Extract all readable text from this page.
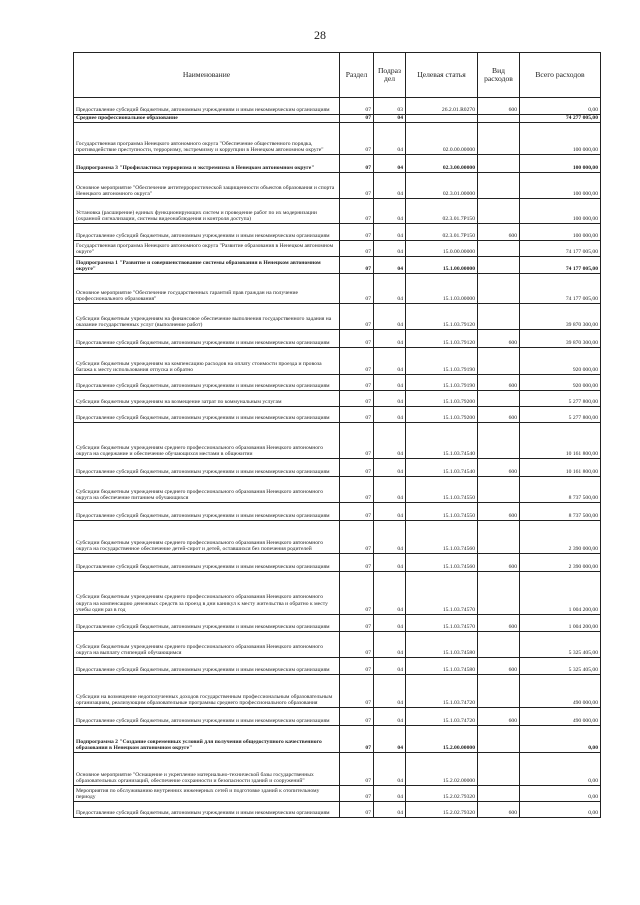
28
Наименование	Раздел	Подраз дел	Целевая статья	Вид расходов	Всего расходов
Предоставление субсидий бюджетным, автономным учреждениям и иным некоммерческим организациям	07	03	26.2.01.R0270	600	0,00
Среднее профессиональное образование	07	04			74 277 005,00
Государственная программа Ненецкого автономного округа "Обеспечение общественного порядка, противодействие преступности, терроризму, экстремизму и коррупции в Ненецком автономном округе"	07	04	02.0.00.00000		100 000,00
Подпрограмма 3 "Профилактика терроризма и экстремизма в Ненецком автономном округе"	07	04	02.3.00.00000		100 000,00
Основное мероприятие "Обеспечение антитеррористической защищенности объектов образования и спорта Ненецкого автономного округа"	07	04	02.3.01.00000		100 000,00
Установка (расширение) единых функционирующих систем и проведение работ по их модернизации (охранной сигнализации, системы видеонаблюдения и контроля доступа)	07	04	02.3.01.7Р150		100 000,00
Предоставление субсидий бюджетным, автономным учреждениям и иным некоммерческим организациям	07	04	02.3.01.7Р150	600	100 000,00
Государственная программа Ненецкого автономного округа "Развитие образования в Ненецком автономном округе"	07	04	15.0.00.00000		74 177 005,00
Подпрограмма 1 "Развитие и совершенствование системы образования в Ненецком автономном округе"	07	04	15.1.00.00000		74 177 005,00
Основное мероприятие "Обеспечение государственных гарантий прав граждан на получение профессионального образования"	07	04	15.1.03.00000		74 177 005,00
Субсидии бюджетным учреждениям на финансовое обеспечение выполнения государственного задания на оказание государственных услуг (выполнение работ)	07	04	15.1.03.79120		39 870 300,00
Предоставление субсидий бюджетным, автономным учреждениям и иным некоммерческим организациям	07	04	15.1.03.79120	600	39 870 300,00
Субсидии бюджетным учреждениям на компенсацию расходов на оплату стоимости проезда и провоза багажа к месту использования отпуска и обратно	07	04	15.1.03.79190		920 000,00
Предоставление субсидий бюджетным, автономным учреждениям и иным некоммерческим организациям	07	04	15.1.03.79190	600	920 000,00
Субсидии бюджетным учреждениям на возмещение затрат по коммунальным услугам	07	04	15.1.03.79200		5 277 800,00
Предоставление субсидий бюджетным, автономным учреждениям и иным некоммерческим организациям	07	04	15.1.03.79200	600	5 277 800,00
Субсидии бюджетным учреждениям среднего профессионального образования Ненецкого автономного округа на содержание и обеспечение обучающихся местами в общежитии	07	04	15.1.03.74540		10 161 800,00
Предоставление субсидий бюджетным, автономным учреждениям и иным некоммерческим организациям	07	04	15.1.03.74540	600	10 161 800,00
Субсидии бюджетным учреждениям среднего профессионального образования Ненецкого автономного округа на обеспечение питанием обучающихся	07	04	15.1.03.74550		8 737 500,00
Предоставление субсидий бюджетным, автономным учреждениям и иным некоммерческим организациям	07	04	15.1.03.74550	600	8 737 500,00
Субсидии бюджетным учреждениям среднего профессионального образования Ненецкого автономного округа на государственное обеспечение детей-сирот и детей, оставшихся без попечения родителей	07	04	15.1.03.74560		2 390 000,00
Предоставление субсидий бюджетным, автономным учреждениям и иным некоммерческим организациям	07	04	15.1.03.74560	600	2 390 000,00
Субсидии бюджетным учреждениям среднего профессионального образования Ненецкого автономного округа на компенсацию денежных средств за проезд в дни каникул к месту жительства и обратно к месту учебы один раз в год	07	04	15.1.03.74570		1 004 200,00
Предоставление субсидий бюджетным, автономным учреждениям и иным некоммерческим организациям	07	04	15.1.03.74570	600	1 004 200,00
Субсидии бюджетным учреждениям среднего профессионального образования Ненецкого автономного округа на выплату стипендий обучающимся	07	04	15.1.03.74580		5 325 405,00
Предоставление субсидий бюджетным, автономным учреждениям и иным некоммерческим организациям	07	04	15.1.03.74580	600	5 325 405,00
Субсидии на возмещение недополученных доходов государственным профессиональным образовательным организациям, реализующим образовательные программы среднего профессионального образования	07	04	15.1.03.74720		490 000,00
Предоставление субсидий бюджетным, автономным учреждениям и иным некоммерческим организациям	07	04	15.1.03.74720	600	490 000,00
Подпрограмма 2 "Создание современных условий для получения общедоступного качественного образования в Ненецком автономном округе"	07	04	15.2.00.00000		0,00
Основное мероприятие "Оснащение и укрепление материально-технической базы государственных образовательных организаций, обеспечение сохранности и безопасности зданий и сооружений"	07	04	15.2.02.00000		0,00
Мероприятия по обслуживанию внутренних инженерных сетей и подготовке зданий к отопительному периоду	07	04	15.2.02.79320		0,00
Предоставление субсидий бюджетным, автономным учреждениям и иным некоммерческим организациям	07	04	15.2.02.79320	600	0,00
